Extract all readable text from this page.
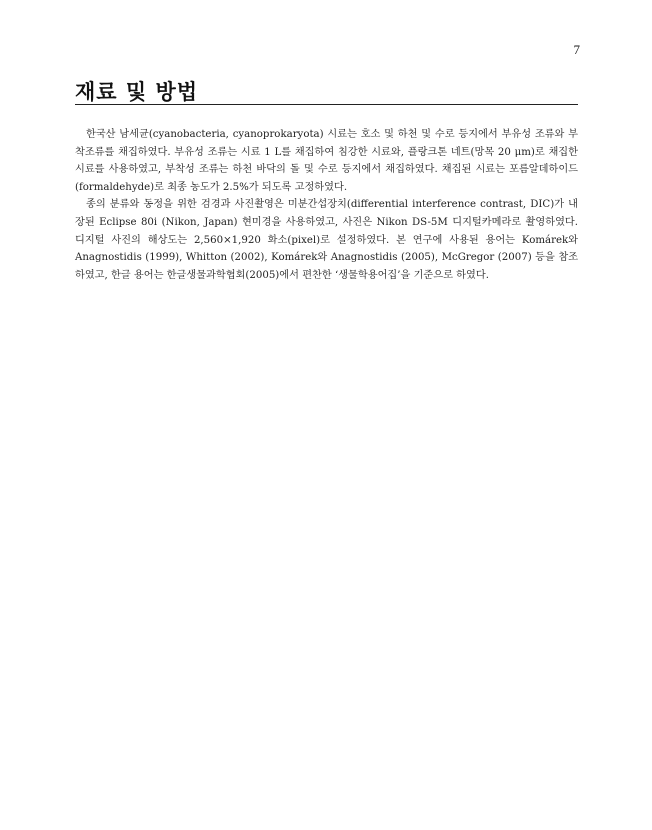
7
재료 및 방법

한국산 남세균(cyanobacteria, cyanoprokaryota) 시료는 호소 및 하천 및 수로 등지에서 부유성 조류와 부착조류를 채집하였다. 부유성 조류는 시료 1 L를 채집하여 침강한 시료와, 플랑크톤 네트(망목 20 μm)로 채집한 시료를 사용하였고, 부착성 조류는 하천 바닥의 돌 및 수로 등지에서 채집하였다. 채집된 시료는 포름알데하이드(formaldehyde)로 최종 농도가 2.5%가 되도록 고정하였다.

종의 분류와 동정을 위한 검경과 사진촬영은 미분간섭장치(differential interference contrast, DIC)가 내장된 Eclipse 80i (Nikon, Japan) 현미경을 사용하였고, 사진은 Nikon DS-5M 디지털카메라로 촬영하였다. 디지털 사진의 해상도는 2,560×1,920 화소(pixel)로 설정하였다. 본 연구에 사용된 용어는 Komárek와 Anagnostidis (1999), Whitton (2002), Komárek와 Anagnostidis (2005), McGregor (2007) 등을 참조하였고, 한글 용어는 한글생물과학협회(2005)에서 편찬한 ‘생물학용어집’을 기준으로 하였다.
